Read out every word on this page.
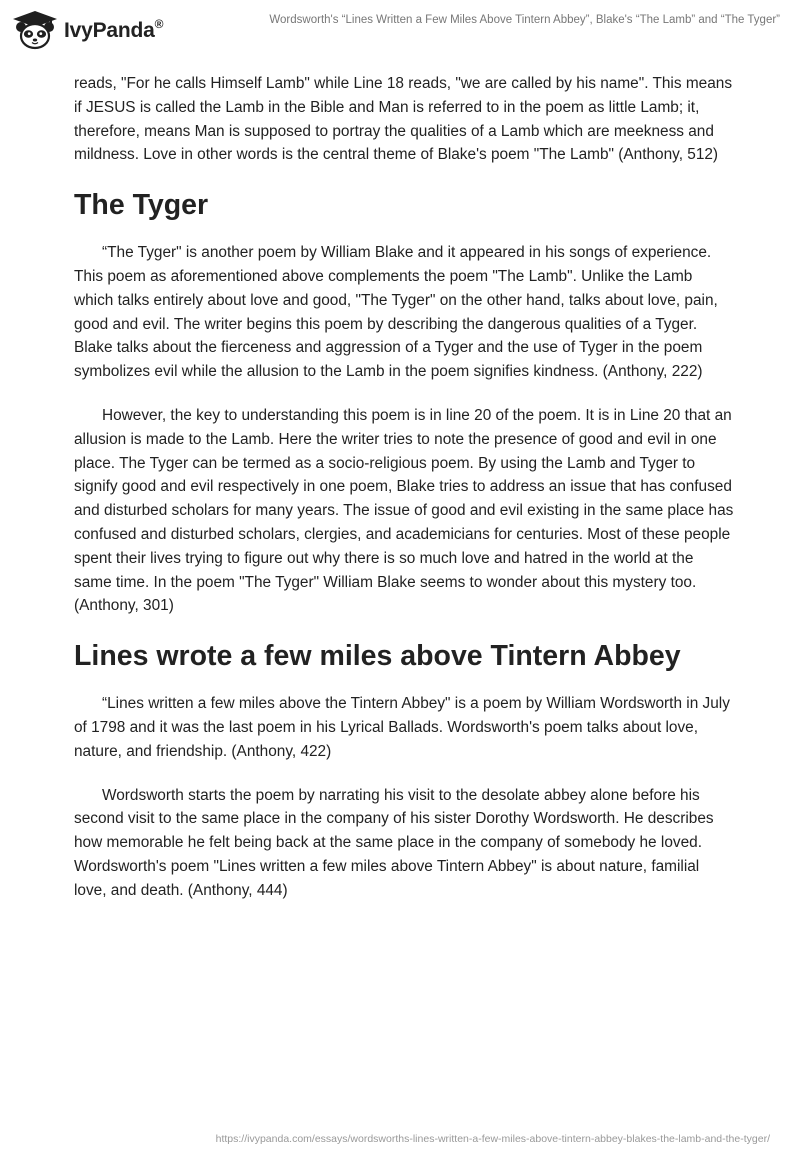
IvyPanda®	Wordsworth's “Lines Written a Few Miles Above Tintern Abbey”, Blake's “The Lamb” and “The Tyger”

reads, "For he calls Himself Lamb" while Line 18 reads, "we are called by his name". This means if JESUS is called the Lamb in the Bible and Man is referred to in the poem as little Lamb; it, therefore, means Man is supposed to portray the qualities of a Lamb which are meekness and mildness. Love in other words is the central theme of Blake's poem "The Lamb" (Anthony, 512)

The Tyger

“The Tyger" is another poem by William Blake and it appeared in his songs of experience. This poem as aforementioned above complements the poem "The Lamb". Unlike the Lamb which talks entirely about love and good, "The Tyger" on the other hand, talks about love, pain, good and evil. The writer begins this poem by describing the dangerous qualities of a Tyger. Blake talks about the fierceness and aggression of a Tyger and the use of Tyger in the poem symbolizes evil while the allusion to the Lamb in the poem signifies kindness. (Anthony, 222)

However, the key to understanding this poem is in line 20 of the poem. It is in Line 20 that an allusion is made to the Lamb. Here the writer tries to note the presence of good and evil in one place. The Tyger can be termed as a socio-religious poem. By using the Lamb and Tyger to signify good and evil respectively in one poem, Blake tries to address an issue that has confused and disturbed scholars for many years. The issue of good and evil existing in the same place has confused and disturbed scholars, clergies, and academicians for centuries. Most of these people spent their lives trying to figure out why there is so much love and hatred in the world at the same time. In the poem "The Tyger" William Blake seems to wonder about this mystery too. (Anthony, 301)

Lines wrote a few miles above Tintern Abbey

“Lines written a few miles above the Tintern Abbey" is a poem by William Wordsworth in July of 1798 and it was the last poem in his Lyrical Ballads. Wordsworth's poem talks about love, nature, and friendship. (Anthony, 422)

Wordsworth starts the poem by narrating his visit to the desolate abbey alone before his second visit to the same place in the company of his sister Dorothy Wordsworth. He describes how memorable he felt being back at the same place in the company of somebody he loved. Wordsworth's poem "Lines written a few miles above Tintern Abbey" is about nature, familial love, and death. (Anthony, 444)

https://ivypanda.com/essays/wordsworths-lines-written-a-few-miles-above-tintern-abbey-blakes-the-lamb-and-the-tyger/
